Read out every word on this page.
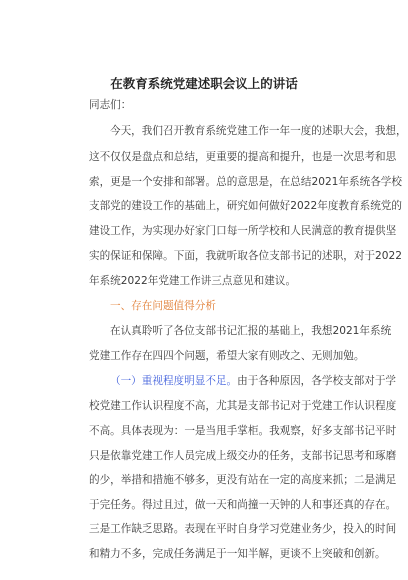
在教育系统党建述职会议上的讲话
同志们：
今天，我们召开教育系统党建工作一年一度的述职大会，我想，
这不仅仅是盘点和总结，更重要的提高和提升，也是一次思考和思
索，更是一个安排和部署。总的意思是，在总结2021年系统各学校
支部党的建设工作的基础上，研究如何做好2022年度教育系统党的
建设工作，为实现办好家门口每一所学校和人民满意的教育提供坚
实的保证和保障。下面，我就听取各位支部书记的述职，对于2022
年系统2022年党建工作讲三点意见和建议。
一、存在问题值得分析
在认真聆听了各位支部书记汇报的基础上，我想2021年系统
党建工作存在四四个问题，希望大家有则改之、无则加勉。
（一）重视程度明显不足。由于各种原因，各学校支部对于学
校党建工作认识程度不高，尤其是支部书记对于党建工作认识程度
不高。具体表现为：一是当甩手掌柜。我观察，好多支部书记平时
只是依靠党建工作人员完成上级交办的任务，支部书记思考和琢磨
的少，举措和措施不够多，更没有站在一定的高度来抓；二是满足
于完任务。得过且过，做一天和尚撞一天钟的人和事还真的存在。
三是工作缺乏思路。表现在平时自身学习党建业务少，投入的时间
和精力不多，完成任务满足于一知半解，更谈不上突破和创新。
